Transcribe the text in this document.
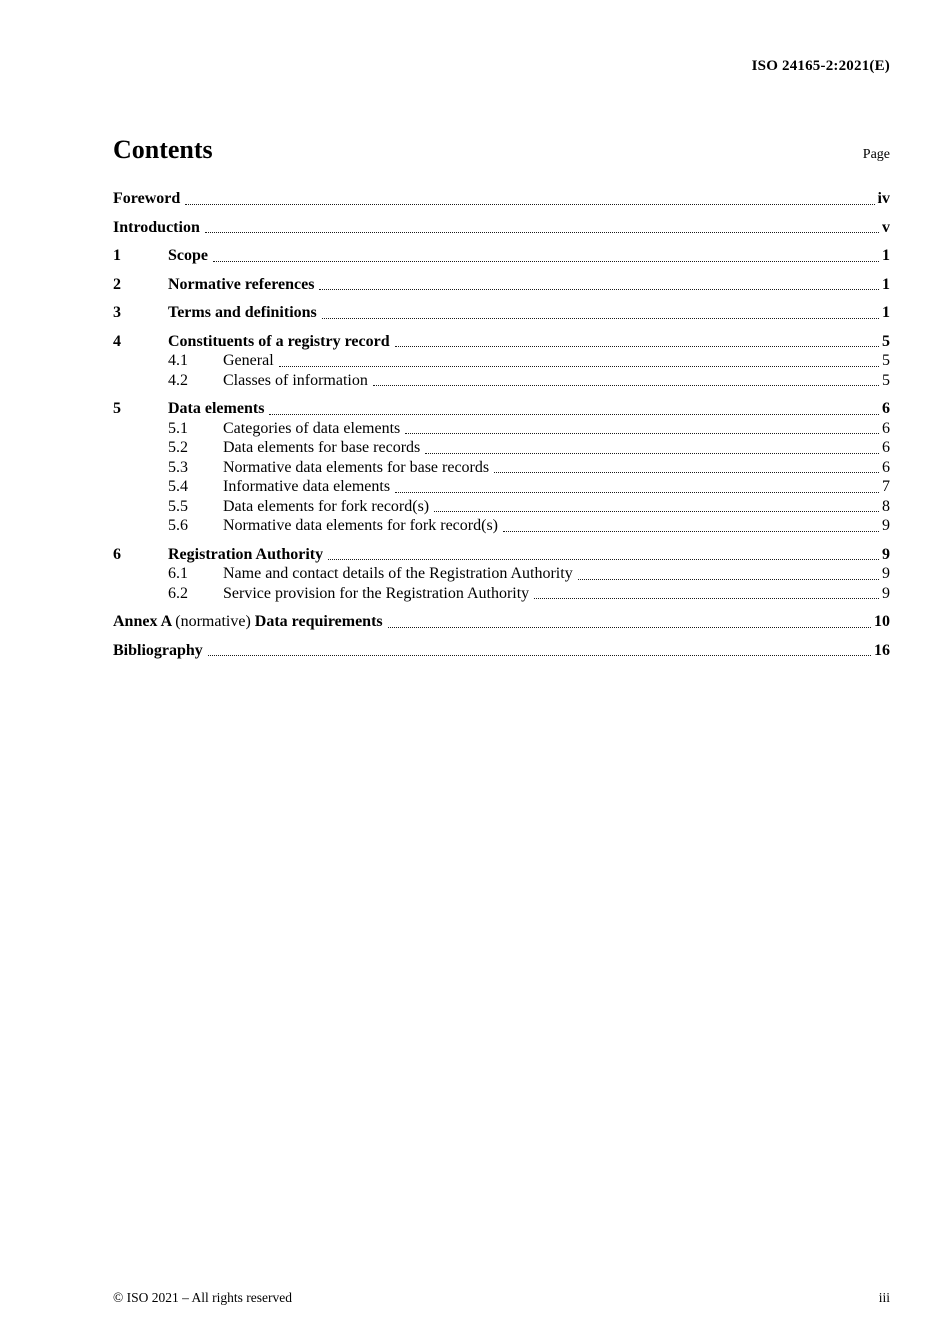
ISO 24165-2:2021(E)
Contents	Page
Foreword	iv
Introduction	v
1	Scope	1
2	Normative references	1
3	Terms and definitions	1
4	Constituents of a registry record	5
4.1	General	5
4.2	Classes of information	5
5	Data elements	6
5.1	Categories of data elements	6
5.2	Data elements for base records	6
5.3	Normative data elements for base records	6
5.4	Informative data elements	7
5.5	Data elements for fork record(s)	8
5.6	Normative data elements for fork record(s)	9
6	Registration Authority	9
6.1	Name and contact details of the Registration Authority	9
6.2	Service provision for the Registration Authority	9
Annex A (normative) Data requirements	10
Bibliography	16
© ISO 2021 – All rights reserved	iii
